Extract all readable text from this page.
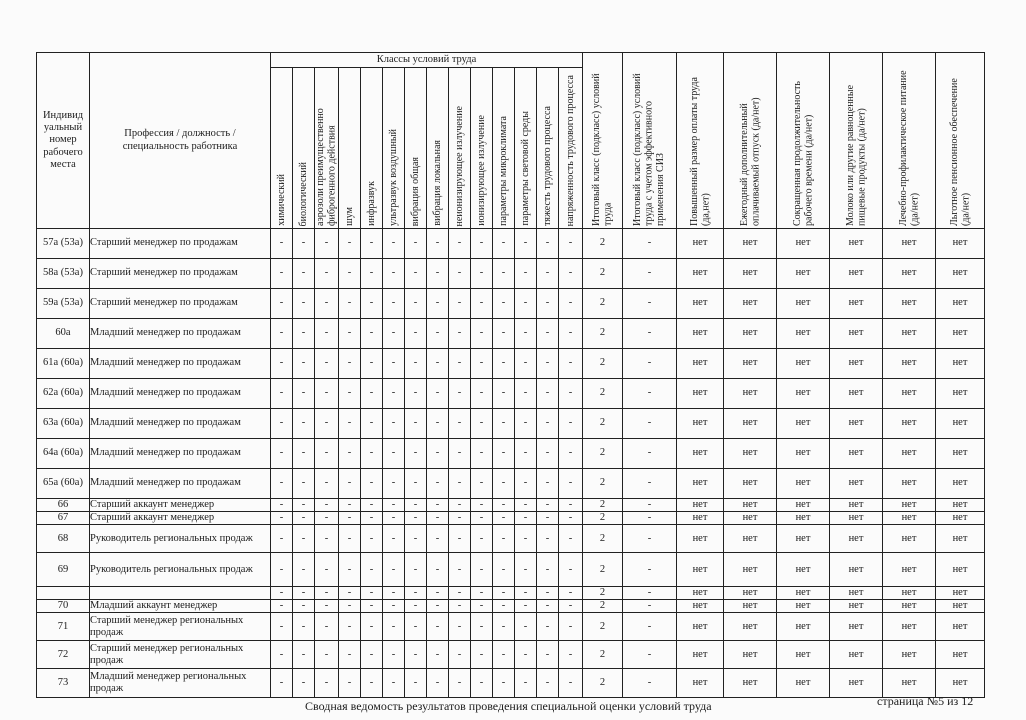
Индивид уальный номер рабочего места	Профессия / должность / специальность работника	Классы условий труда														Итоговый класс (подкласс) условий труда	Итоговый класс (подкласс) условий труда с учетом эффективного применения СИЗ	Повышенный размер оплаты труда (да,нет)	Ежегодный дополнительный оплачиваемый отпуск (да/нет)	Сокращенная продолжительность рабочего времени (да/нет)	Молоко или другие равноценные пищевые продукты (да/нет)	Лечебно-профилактическое питание (да/нет)	Льготное пенсионное обеспечение (да/нет)

		химический	биологический	аэрозоли преимущественно фиброгенного действия	шум	инфразвук	ультразвук воздушный	вибрация общая	вибрация локальная	неионизирующее излучение	ионизирующее излучение	параметры микроклимата	параметры световой среды	тяжесть трудового процесса	напряженность трудового процесса								

57а (53а)	Старший менеджер по продажам	-	-	-	-	-	-	-	-	-	-	-	-	-	-	2	-	нет	нет	нет	нет	нет	нет
58а (53а)	Старший менеджер по продажам	-	-	-	-	-	-	-	-	-	-	-	-	-	-	2	-	нет	нет	нет	нет	нет	нет
59а (53а)	Старший менеджер по продажам	-	-	-	-	-	-	-	-	-	-	-	-	-	-	2	-	нет	нет	нет	нет	нет	нет
60а	Младший менеджер по продажам	-	-	-	-	-	-	-	-	-	-	-	-	-	-	2	-	нет	нет	нет	нет	нет	нет
61а (60а)	Младший менеджер по продажам	-	-	-	-	-	-	-	-	-	-	-	-	-	-	2	-	нет	нет	нет	нет	нет	нет
62а (60а)	Младший менеджер по продажам	-	-	-	-	-	-	-	-	-	-	-	-	-	-	2	-	нет	нет	нет	нет	нет	нет
63а (60а)	Младший менеджер по продажам	-	-	-	-	-	-	-	-	-	-	-	-	-	-	2	-	нет	нет	нет	нет	нет	нет
64а (60а)	Младший менеджер по продажам	-	-	-	-	-	-	-	-	-	-	-	-	-	-	2	-	нет	нет	нет	нет	нет	нет
65а (60а)	Младший менеджер по продажам	-	-	-	-	-	-	-	-	-	-	-	-	-	-	2	-	нет	нет	нет	нет	нет	нет
66	Старший аккаунт менеджер	-	-	-	-	-	-	-	-	-	-	-	-	-	-	2	-	нет	нет	нет	нет	нет	нет
67	Старший аккаунт менеджер	-	-	-	-	-	-	-	-	-	-	-	-	-	-	2	-	нет	нет	нет	нет	нет	нет
68	Руководитель региональных продаж	-	-	-	-	-	-	-	-	-	-	-	-	-	-	2	-	нет	нет	нет	нет	нет	нет
69	Руководитель региональных продаж	-	-	-	-	-	-	-	-	-	-	-	-	-	-	2	-	нет	нет	нет	нет	нет	нет
		-	-	-	-	-	-	-	-	-	-	-	-	-	-	2	-	нет	нет	нет	нет	нет	нет
70	Младший аккаунт менеджер	-	-	-	-	-	-	-	-	-	-	-	-	-	-	2	-	нет	нет	нет	нет	нет	нет
71	Старший менеджер региональных продаж	-	-	-	-	-	-	-	-	-	-	-	-	-	-	2	-	нет	нет	нет	нет	нет	нет
72	Старший менеджер региональных продаж	-	-	-	-	-	-	-	-	-	-	-	-	-	-	2	-	нет	нет	нет	нет	нет	нет
73	Младший менеджер региональных продаж	-	-	-	-	-	-	-	-	-	-	-	-	-	-	2	-	нет	нет	нет	нет	нет	нет
Сводная ведомость результатов проведения специальной оценки условий труда	страница №5 из 12
